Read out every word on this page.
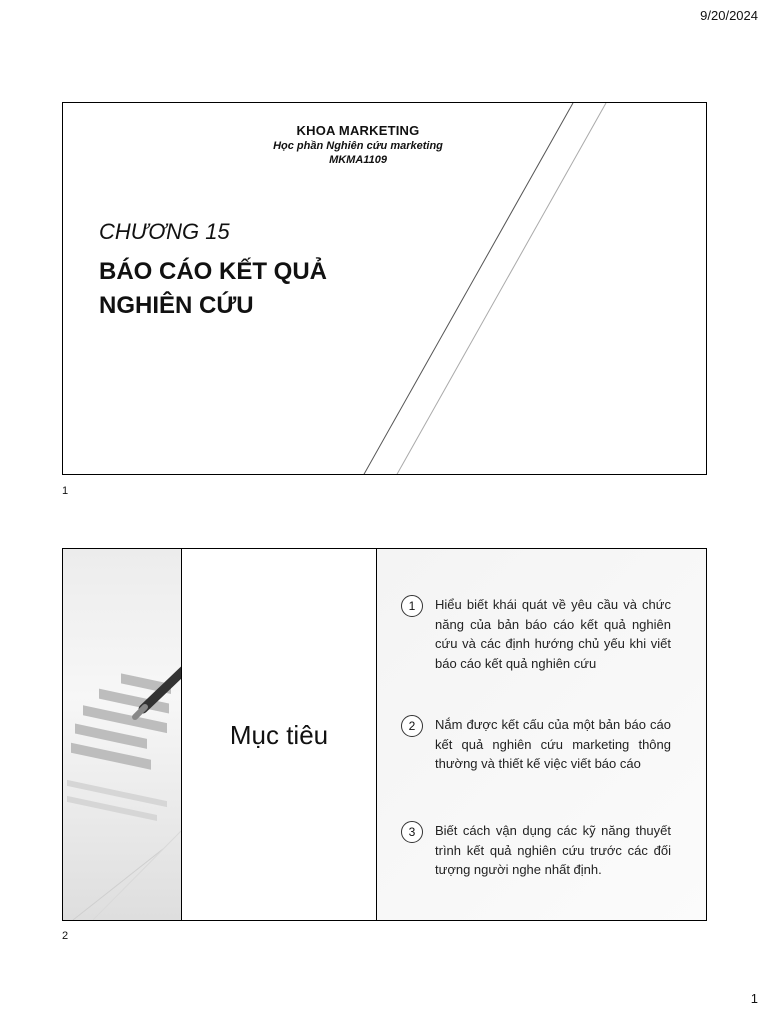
9/20/2024
KHOA MARKETING
Học phần Nghiên cứu marketing
MKMA1109
CHƯƠNG 15
BÁO CÁO KẾT QUẢ
NGHIÊN CỨU
1
Mục tiêu
1	Hiểu biết khái quát về yêu cầu và chức năng của bản báo cáo kết quả nghiên cứu và các định hướng chủ yếu khi viết báo cáo kết quả nghiên cứu
2	Nắm được kết cấu của một bản báo cáo kết quả nghiên cứu marketing thông thường và thiết kế việc viết báo cáo
3	Biết cách vận dụng các kỹ năng thuyết trình kết quả nghiên cứu trước các đối tượng người nghe nhất định.
2
1
